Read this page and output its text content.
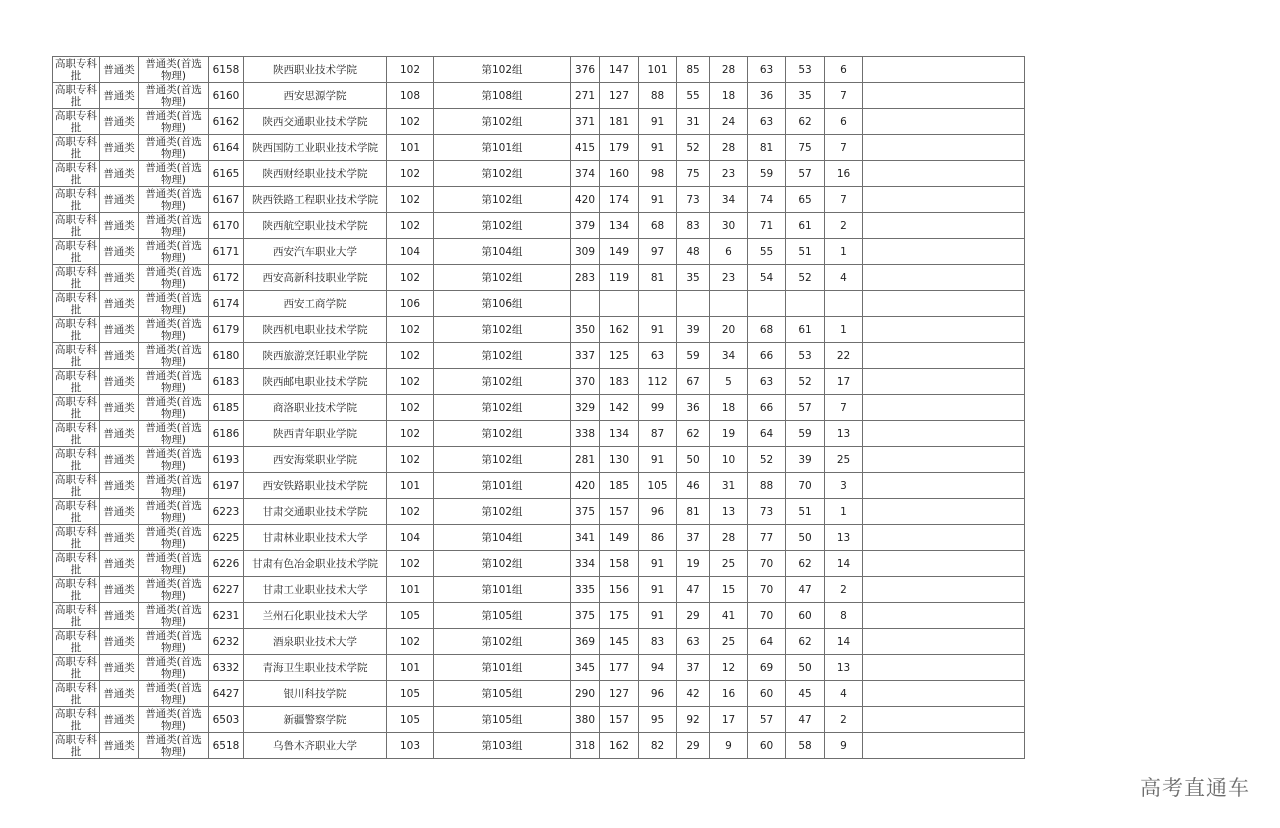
高职专科批	普通类	普通类(首选物理)	6158	陕西职业技术学院	102	第102组	376	147	101	85	28	63	53	6	
高职专科批	普通类	普通类(首选物理)	6160	西安思源学院	108	第108组	271	127	88	55	18	36	35	7	
高职专科批	普通类	普通类(首选物理)	6162	陕西交通职业技术学院	102	第102组	371	181	91	31	24	63	62	6	
高职专科批	普通类	普通类(首选物理)	6164	陕西国防工业职业技术学院	101	第101组	415	179	91	52	28	81	75	7	
高职专科批	普通类	普通类(首选物理)	6165	陕西财经职业技术学院	102	第102组	374	160	98	75	23	59	57	16	
高职专科批	普通类	普通类(首选物理)	6167	陕西铁路工程职业技术学院	102	第102组	420	174	91	73	34	74	65	7	
高职专科批	普通类	普通类(首选物理)	6170	陕西航空职业技术学院	102	第102组	379	134	68	83	30	71	61	2	
高职专科批	普通类	普通类(首选物理)	6171	西安汽车职业大学	104	第104组	309	149	97	48	6	55	51	1	
高职专科批	普通类	普通类(首选物理)	6172	西安高新科技职业学院	102	第102组	283	119	81	35	23	54	52	4	
高职专科批	普通类	普通类(首选物理)	6174	西安工商学院	106	第106组									
高职专科批	普通类	普通类(首选物理)	6179	陕西机电职业技术学院	102	第102组	350	162	91	39	20	68	61	1	
高职专科批	普通类	普通类(首选物理)	6180	陕西旅游烹饪职业学院	102	第102组	337	125	63	59	34	66	53	22	
高职专科批	普通类	普通类(首选物理)	6183	陕西邮电职业技术学院	102	第102组	370	183	112	67	5	63	52	17	
高职专科批	普通类	普通类(首选物理)	6185	商洛职业技术学院	102	第102组	329	142	99	36	18	66	57	7	
高职专科批	普通类	普通类(首选物理)	6186	陕西青年职业学院	102	第102组	338	134	87	62	19	64	59	13	
高职专科批	普通类	普通类(首选物理)	6193	西安海棠职业学院	102	第102组	281	130	91	50	10	52	39	25	
高职专科批	普通类	普通类(首选物理)	6197	西安铁路职业技术学院	101	第101组	420	185	105	46	31	88	70	3	
高职专科批	普通类	普通类(首选物理)	6223	甘肃交通职业技术学院	102	第102组	375	157	96	81	13	73	51	1	
高职专科批	普通类	普通类(首选物理)	6225	甘肃林业职业技术大学	104	第104组	341	149	86	37	28	77	50	13	
高职专科批	普通类	普通类(首选物理)	6226	甘肃有色冶金职业技术学院	102	第102组	334	158	91	19	25	70	62	14	
高职专科批	普通类	普通类(首选物理)	6227	甘肃工业职业技术大学	101	第101组	335	156	91	47	15	70	47	2	
高职专科批	普通类	普通类(首选物理)	6231	兰州石化职业技术大学	105	第105组	375	175	91	29	41	70	60	8	
高职专科批	普通类	普通类(首选物理)	6232	酒泉职业技术大学	102	第102组	369	145	83	63	25	64	62	14	
高职专科批	普通类	普通类(首选物理)	6332	青海卫生职业技术学院	101	第101组	345	177	94	37	12	69	50	13	
高职专科批	普通类	普通类(首选物理)	6427	银川科技学院	105	第105组	290	127	96	42	16	60	45	4	
高职专科批	普通类	普通类(首选物理)	6503	新疆警察学院	105	第105组	380	157	95	92	17	57	47	2	
高职专科批	普通类	普通类(首选物理)	6518	乌鲁木齐职业大学	103	第103组	318	162	82	29	9	60	58	9	
高考直通车
